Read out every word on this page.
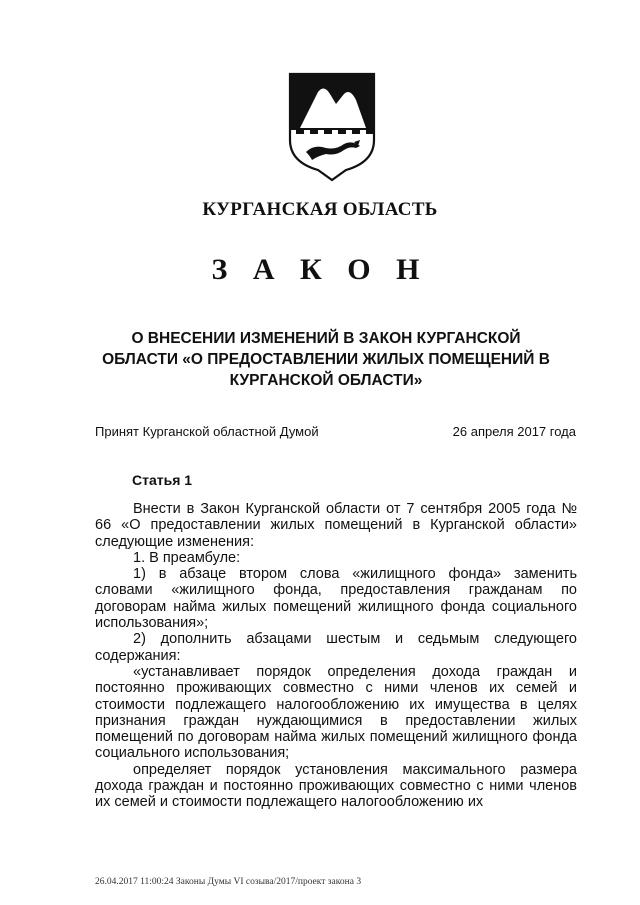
КУРГАНСКАЯ ОБЛАСТЬ
З А К О Н
О ВНЕСЕНИИ ИЗМЕНЕНИЙ В ЗАКОН КУРГАНСКОЙ ОБЛАСТИ «О ПРЕДОСТАВЛЕНИИ ЖИЛЫХ ПОМЕЩЕНИЙ В КУРГАНСКОЙ ОБЛАСТИ»
Принят Курганской областной Думой	26 апреля 2017 года
Статья 1

Внести в Закон Курганской области от 7 сентября 2005 года № 66 «О предоставлении жилых помещений в Курганской области» следующие изменения:

1. В преамбуле:

1) в абзаце втором слова «жилищного фонда» заменить словами «жилищного фонда, предоставления гражданам по договорам найма жилых помещений жилищного фонда социального использования»;

2) дополнить абзацами шестым и седьмым следующего содержания:

«устанавливает порядок определения дохода граждан и постоянно проживающих совместно с ними членов их семей и стоимости подлежащего налогообложению их имущества в целях признания граждан нуждающимися в предоставлении жилых помещений по договорам найма жилых помещений жилищного фонда социального использования;

определяет порядок установления максимального размера дохода граждан и постоянно проживающих совместно с ними членов их семей и стоимости подлежащего налогообложению их

26.04.2017 11:00:24 Законы Думы VI созыва/2017/проект закона 3
